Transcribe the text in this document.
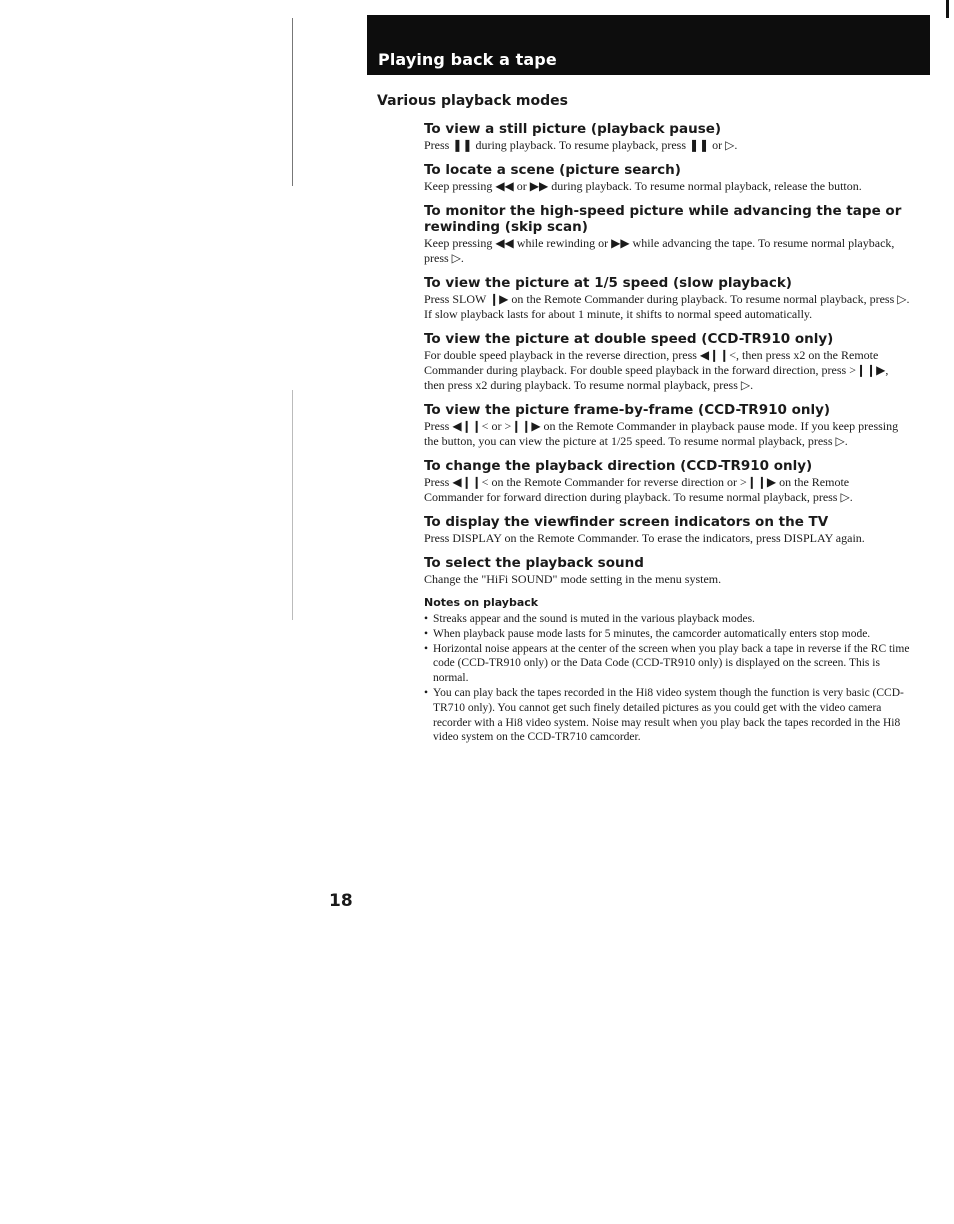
Playing back a tape
Various playback modes
To view a still picture (playback pause)

Press ❚❚ during playback. To resume playback, press ❚❚ or ▷.

To locate a scene (picture search)

Keep pressing ◀◀ or ▶▶ during playback. To resume normal playback, release the button.

To monitor the high-speed picture while advancing the tape or rewinding (skip scan)

Keep pressing ◀◀ while rewinding or ▶▶ while advancing the tape. To resume normal playback, press ▷.

To view the picture at 1/5 speed (slow playback)

Press SLOW ❙▶ on the Remote Commander during playback. To resume normal playback, press ▷. If slow playback lasts for about 1 minute, it shifts to normal speed automatically.

To view the picture at double speed (CCD-TR910 only)

For double speed playback in the reverse direction, press ◀❙❙<, then press x2 on the Remote Commander during playback. For double speed playback in the forward direction, press >❙❙▶, then press x2 during playback. To resume normal playback, press ▷.

To view the picture frame-by-frame (CCD-TR910 only)

Press ◀❙❙< or >❙❙▶ on the Remote Commander in playback pause mode. If you keep pressing the button, you can view the picture at 1/25 speed. To resume normal playback, press ▷.

To change the playback direction (CCD-TR910 only)

Press ◀❙❙< on the Remote Commander for reverse direction or >❙❙▶ on the Remote Commander for forward direction during playback. To resume normal playback, press ▷.

To display the viewfinder screen indicators on the TV

Press DISPLAY on the Remote Commander. To erase the indicators, press DISPLAY again.

To select the playback sound

Change the "HiFi SOUND" mode setting in the menu system.

Notes on playback
• Streaks appear and the sound is muted in the various playback modes.
• When playback pause mode lasts for 5 minutes, the camcorder automatically enters stop mode.
• Horizontal noise appears at the center of the screen when you play back a tape in reverse if the RC time code (CCD-TR910 only) or the Data Code (CCD-TR910 only) is displayed on the screen. This is normal.
• You can play back the tapes recorded in the Hi8 video system though the function is very basic (CCD-TR710 only). You cannot get such finely detailed pictures as you could get with the video camera recorder with a Hi8 video system. Noise may result when you play back the tapes recorded in the Hi8 video system on the CCD-TR710 camcorder.

18
